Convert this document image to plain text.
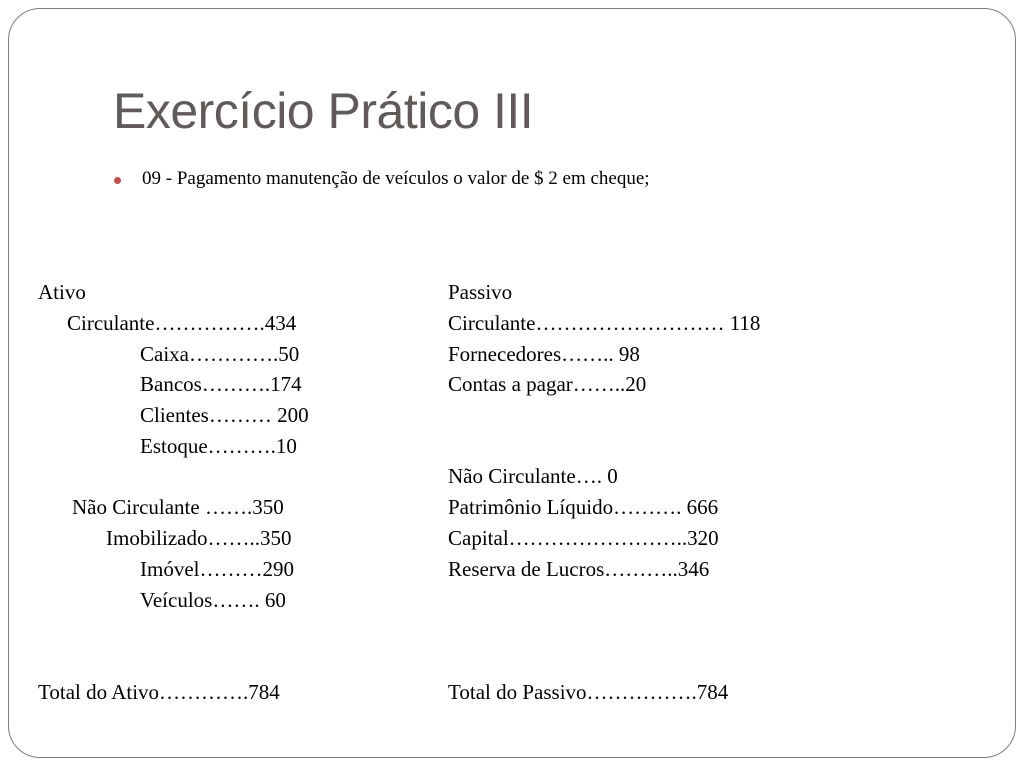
Exercício Prático III
09 - Pagamento manutenção de veículos o valor de $ 2 em cheque;
Ativo
Circulante…………….434
Caixa………….50
Bancos……….174
Clientes……… 200
Estoque……….10
Não Circulante …….350
Imobilizado……..350
Imóvel………290
Veículos……. 60
Total do Ativo………….784
Passivo
Circulante……………………… 118
Fornecedores…….. 98
Contas a pagar……..20
Não Circulante…. 0
Patrimônio Líquido………. 666
Capital……………………..320
Reserva de Lucros………..346
Total do Passivo…………….784
